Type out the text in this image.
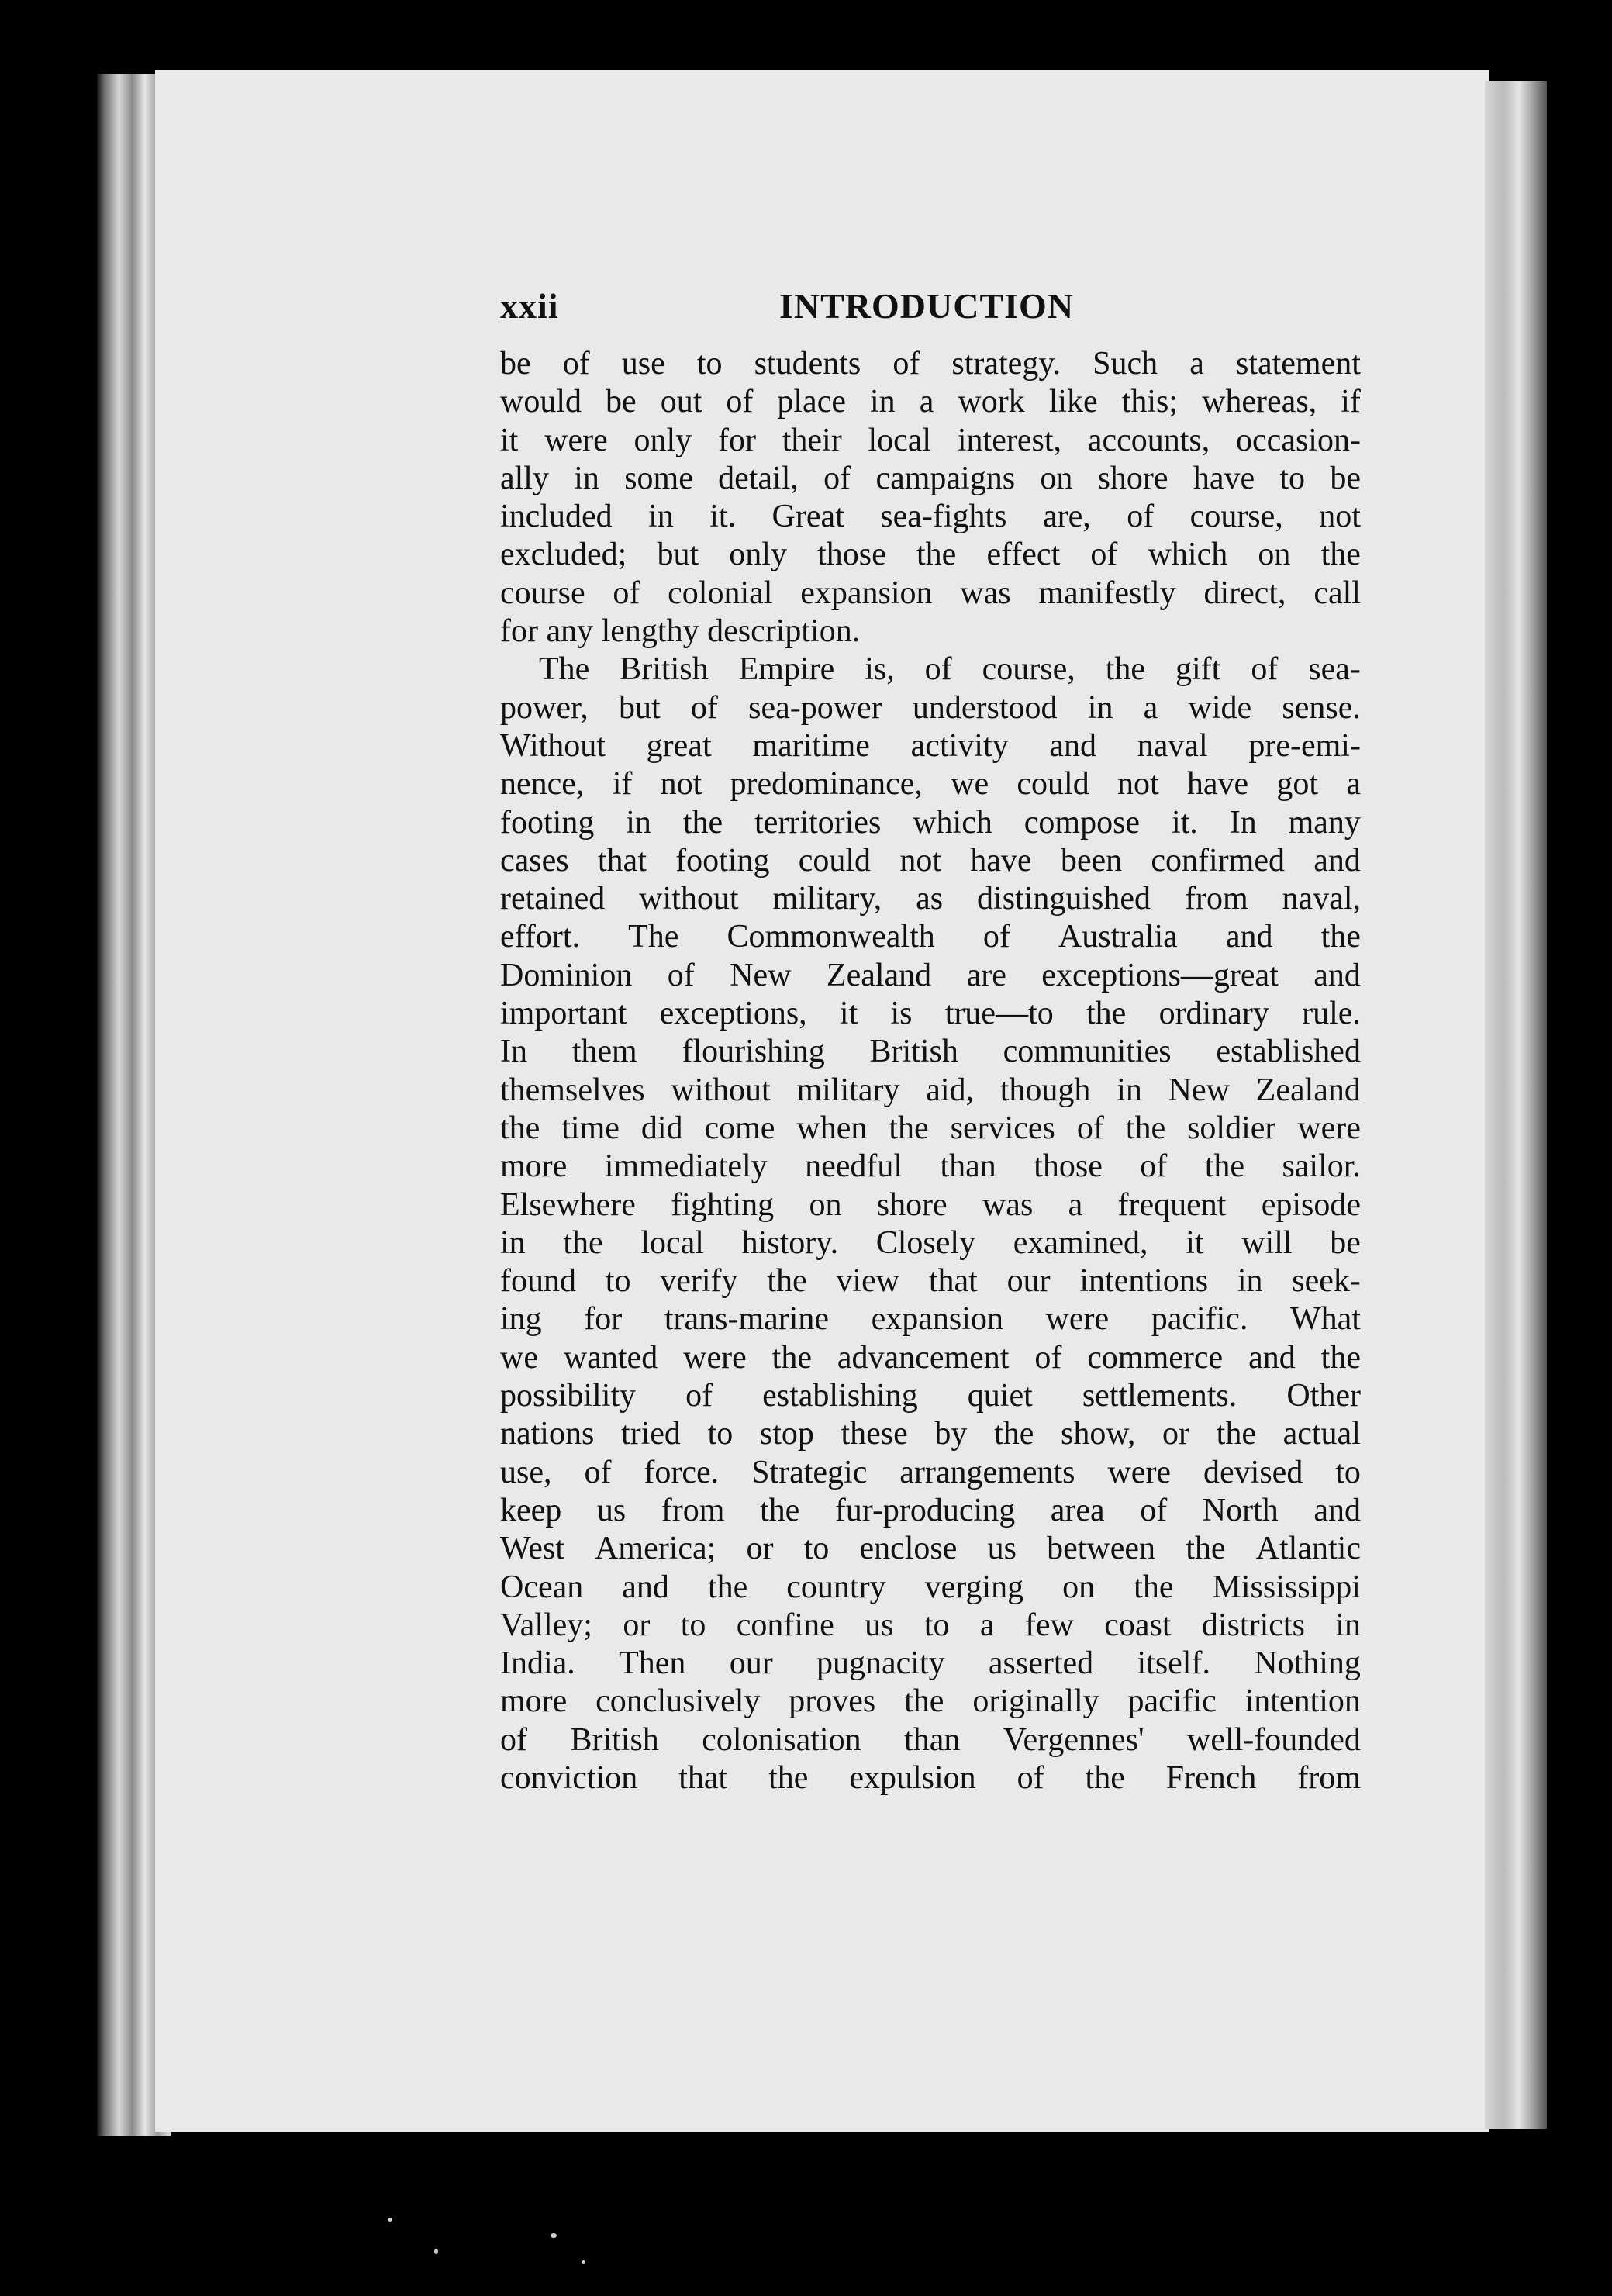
xxii	INTRODUCTION
be of use to students of strategy. Such a statement
would be out of place in a work like this; whereas, if
it were only for their local interest, accounts, occasion-
ally in some detail, of campaigns on shore have to be
included in it. Great sea-fights are, of course, not
excluded; but only those the effect of which on the
course of colonial expansion was manifestly direct, call
for any lengthy description.
The British Empire is, of course, the gift of sea-
power, but of sea-power understood in a wide sense.
Without great maritime activity and naval pre-emi-
nence, if not predominance, we could not have got a
footing in the territories which compose it. In many
cases that footing could not have been confirmed and
retained without military, as distinguished from naval,
effort. The Commonwealth of Australia and the
Dominion of New Zealand are exceptions—great and
important exceptions, it is true—to the ordinary rule.
In them flourishing British communities established
themselves without military aid, though in New Zealand
the time did come when the services of the soldier were
more immediately needful than those of the sailor.
Elsewhere fighting on shore was a frequent episode
in the local history. Closely examined, it will be
found to verify the view that our intentions in seek-
ing for trans-marine expansion were pacific. What
we wanted were the advancement of commerce and the
possibility of establishing quiet settlements. Other
nations tried to stop these by the show, or the actual
use, of force. Strategic arrangements were devised to
keep us from the fur-producing area of North and
West America; or to enclose us between the Atlantic
Ocean and the country verging on the Mississippi
Valley; or to confine us to a few coast districts in
India. Then our pugnacity asserted itself. Nothing
more conclusively proves the originally pacific intention
of British colonisation than Vergennes' well-founded
conviction that the expulsion of the French from
